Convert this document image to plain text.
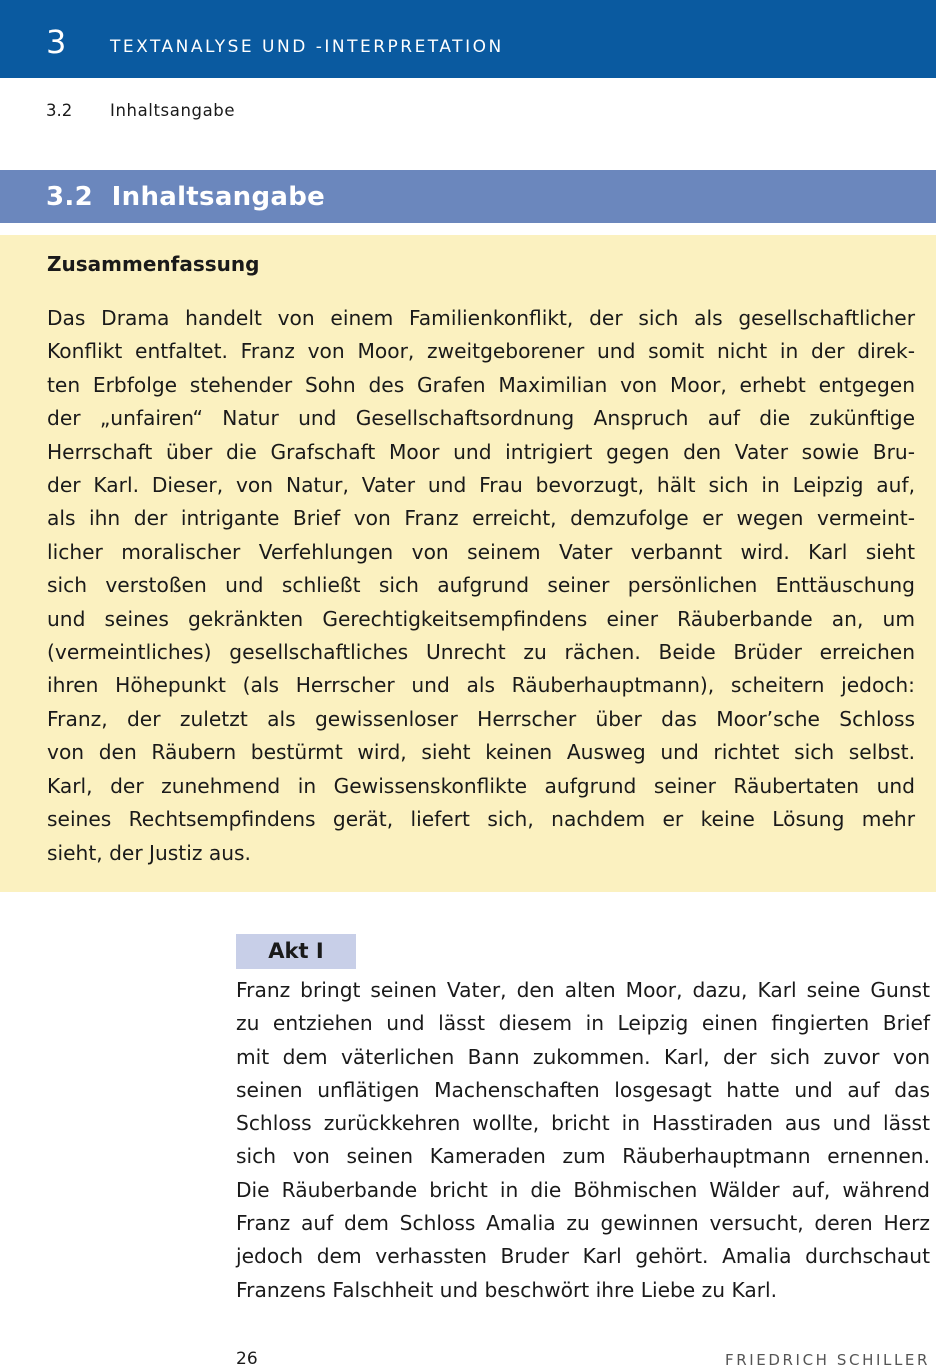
3	TEXTANALYSE UND -INTERPRETATION
3.2 Inhaltsangabe
3.2  Inhaltsangabe
Zusammenfassung
Das Drama handelt von einem Familienkonflikt, der sich als gesellschaftlicher
Konflikt entfaltet. Franz von Moor, zweitgeborener und somit nicht in der direk-
ten Erbfolge stehender Sohn des Grafen Maximilian von Moor, erhebt entgegen
der „unfairen“ Natur und Gesellschaftsordnung Anspruch auf die zukünftige
Herrschaft über die Grafschaft Moor und intrigiert gegen den Vater sowie Bru-
der Karl. Dieser, von Natur, Vater und Frau bevorzugt, hält sich in Leipzig auf,
als ihn der intrigante Brief von Franz erreicht, demzufolge er wegen vermeint-
licher moralischer Verfehlungen von seinem Vater verbannt wird. Karl sieht
sich verstoßen und schließt sich aufgrund seiner persönlichen Enttäuschung
und seines gekränkten Gerechtigkeitsempfindens einer Räuberbande an, um
(vermeintliches) gesellschaftliches Unrecht zu rächen. Beide Brüder erreichen
ihren Höhepunkt (als Herrscher und als Räuberhauptmann), scheitern jedoch:
Franz, der zuletzt als gewissenloser Herrscher über das Moor’sche Schloss
von den Räubern bestürmt wird, sieht keinen Ausweg und richtet sich selbst.
Karl, der zunehmend in Gewissenskonflikte aufgrund seiner Räubertaten und
seines Rechtsempfindens gerät, liefert sich, nachdem er keine Lösung mehr
sieht, der Justiz aus.
Akt I
Franz bringt seinen Vater, den alten Moor, dazu, Karl seine Gunst
zu entziehen und lässt diesem in Leipzig einen fingierten Brief
mit dem väterlichen Bann zukommen. Karl, der sich zuvor von
seinen unflätigen Machenschaften losgesagt hatte und auf das
Schloss zurückkehren wollte, bricht in Hasstiraden aus und lässt
sich von seinen Kameraden zum Räuberhauptmann ernennen.
Die Räuberbande bricht in die Böhmischen Wälder auf, während
Franz auf dem Schloss Amalia zu gewinnen versucht, deren Herz
jedoch dem verhassten Bruder Karl gehört. Amalia durchschaut
Franzens Falschheit und beschwört ihre Liebe zu Karl.
26	FRIEDRICH SCHILLER
